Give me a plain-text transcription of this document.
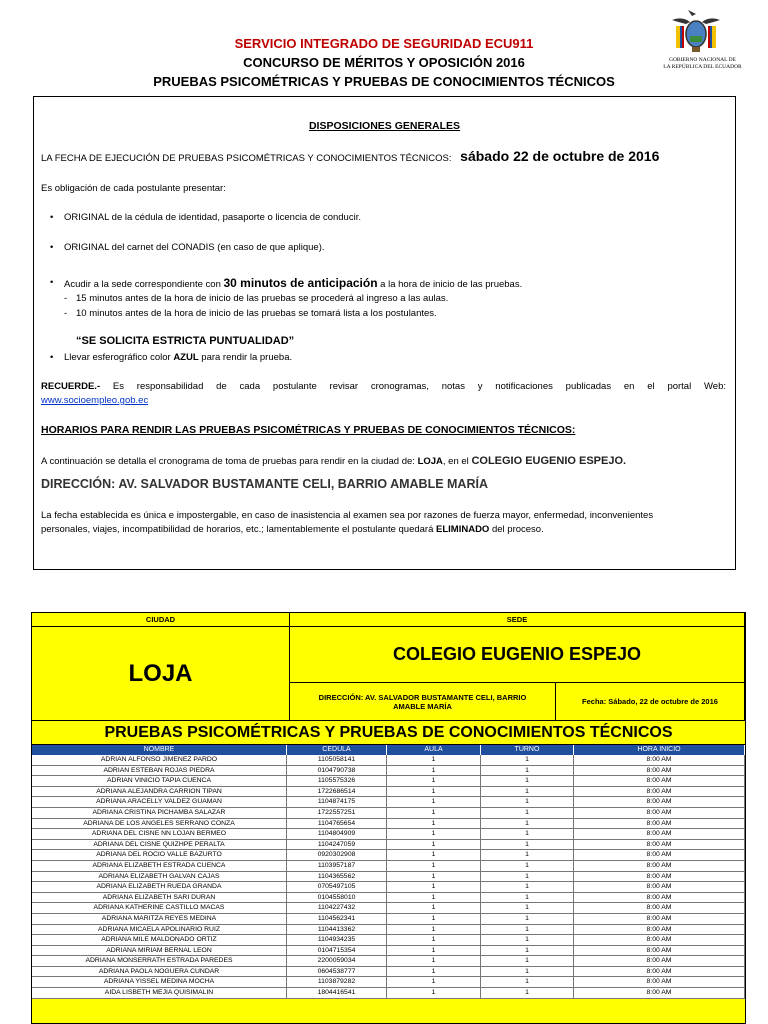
SERVICIO INTEGRADO DE SEGURIDAD ECU911
CONCURSO DE MÉRITOS Y OPOSICIÓN 2016
PRUEBAS PSICOMÉTRICAS Y PRUEBAS DE CONOCIMIENTOS TÉCNICOS
GOBIERNO NACIONAL DE
LA REPÚBLICA DEL ECUADOR
DISPOSICIONES GENERALES
LA FECHA DE EJECUCIÓN DE PRUEBAS PSICOMÉTRICAS Y CONOCIMIENTOS TÉCNICOS: sábado 22 de octubre de 2016
Es obligación de cada postulante presentar:
• ORIGINAL de la cédula de identidad, pasaporte o licencia de conducir.
• ORIGINAL del carnet del CONADIS (en caso de que aplique).
• Acudir a la sede correspondiente con 30 minutos de anticipación a la hora de inicio de las pruebas.
- 15 minutos antes de la hora de inicio de las pruebas se procederá al ingreso a las aulas.
- 10 minutos antes de la hora de inicio de las pruebas se tomará lista a los postulantes.
“SE SOLICITA ESTRICTA PUNTUALIDAD”
• Llevar esferográfico color AZUL para rendir la prueba.
RECUERDE.- Es responsabilidad de cada postulante revisar cronogramas, notas y notificaciones publicadas en el portal Web:
www.socioempleo.gob.ec
HORARIOS PARA RENDIR LAS PRUEBAS PSICOMÉTRICAS Y PRUEBAS DE CONOCIMIENTOS TÉCNICOS:
A continuación se detalla el cronograma de toma de pruebas para rendir en la ciudad de: LOJA, en el COLEGIO EUGENIO ESPEJO.
DIRECCIÓN: AV. SALVADOR BUSTAMANTE CELI, BARRIO AMABLE MARÍA
La fecha establecida es única e impostergable, en caso de inasistencia al examen sea por razones de fuerza mayor, enfermedad, inconvenientes
personales, viajes, incompatibilidad de horarios, etc.; lamentablemente el postulante quedará ELIMINADO del proceso.
CIUDAD	SEDE
LOJA
COLEGIO EUGENIO ESPEJO
DIRECCIÓN: AV. SALVADOR BUSTAMANTE CELI, BARRIO AMABLE MARÍA	Fecha: Sábado, 22 de octubre de 2016
PRUEBAS PSICOMÉTRICAS Y PRUEBAS DE CONOCIMIENTOS TÉCNICOS
NOMBRE	CEDULA	AULA	TURNO	HORA INICIO
ADRIAN ALFONSO JIMENEZ PARDO	1105058141	1	1	8:00 AM
ADRIAN ESTEBAN ROJAS PIEDRA	0104790738	1	1	8:00 AM
ADRIAN VINICIO TAPIA CUENCA	1105575326	1	1	8:00 AM
ADRIANA ALEJANDRA CARRION TIPAN	1722686514	1	1	8:00 AM
ADRIANA ARACELLY VALDEZ GUAMAN	1104874175	1	1	8:00 AM
ADRIANA CRISTINA PICHAMBA SALAZAR	1722557251	1	1	8:00 AM
ADRIANA DE LOS ANGELES SERRANO CONZA	1104765654	1	1	8:00 AM
ADRIANA DEL CISNE NN LOJAN BERMEO	1104804909	1	1	8:00 AM
ADRIANA DEL CISNE QUIZHPE PERALTA	1104247059	1	1	8:00 AM
ADRIANA DEL ROCIO VALLE BAZURTO	0920302908	1	1	8:00 AM
ADRIANA ELIZABETH ESTRADA CUENCA	1103957187	1	1	8:00 AM
ADRIANA ELIZABETH GALVAN CAJAS	1104365562	1	1	8:00 AM
ADRIANA ELIZABETH RUEDA GRANDA	0705497105	1	1	8:00 AM
ADRIANA ELIZABETH SARI DURAN	0104558010	1	1	8:00 AM
ADRIANA KATHERINE CASTILLO MACAS	1104227432	1	1	8:00 AM
ADRIANA MARITZA REYES MEDINA	1104562341	1	1	8:00 AM
ADRIANA MICAELA APOLINARIO RUIZ	1104413362	1	1	8:00 AM
ADRIANA MILE MALDONADO ORTIZ	1104934235	1	1	8:00 AM
ADRIANA MIRIAM BERNAL LEON	0104715354	1	1	8:00 AM
ADRIANA MONSERRATH ESTRADA PAREDES	2200059034	1	1	8:00 AM
ADRIANA PAOLA NOGUERA CUNDAR	0604538777	1	1	8:00 AM
ADRIANA YISSEL MEDINA MOCHA	1103879282	1	1	8:00 AM
AIDA LISBETH MEJIA QUISIMALIN	1804416541	1	1	8:00 AM
